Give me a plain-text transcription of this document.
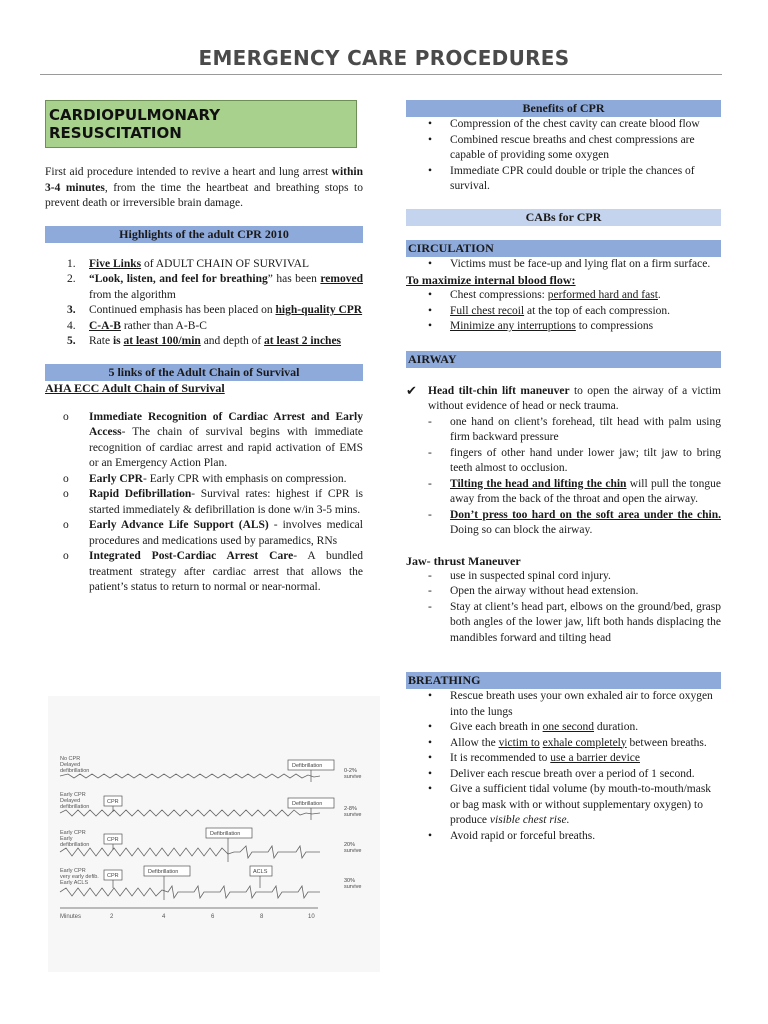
EMERGENCY CARE PROCEDURES
CARDIOPULMONARY RESUSCITATION

First aid procedure intended to revive a heart and lung arrest within 3-4 minutes, from the time the heartbeat and breathing stops to prevent death or irreversible brain damage.

Highlights of the adult CPR 2010
1. Five Links of ADULT CHAIN OF SURVIVAL
2. “Look, listen, and feel for breathing” has been removed from the algorithm
3. Continued emphasis has been placed on high-quality CPR
4. C-A-B rather than A-B-C
5. Rate is at least 100/min and depth of at least 2 inches
5 links of the Adult Chain of Survival
AHA ECC Adult Chain of Survival
o Immediate Recognition of Cardiac Arrest and Early Access- The chain of survival begins with immediate recognition of cardiac arrest and rapid activation of EMS or an Emergency Action Plan.
o Early CPR- Early CPR with emphasis on compression.
o Rapid Defibrillation- Survival rates: highest if CPR is started immediately & defibrillation is done w/in 3-5 mins.
o Early Advance Life Support (ALS) - involves medical procedures and medications used by paramedics, RNs
o Integrated Post-Cardiac Arrest Care- A bundled treatment strategy after cardiac arrest that allows the patient’s status to return to normal or near-normal.
No CPR
Delayed
defibrillation
Early CPR
Delayed
defibrillation
Early CPR
Early
defibrillation
Early CPR
very early defib.
Early ACLS
Defibrillation
CPR	Defibrillation
CPR
Defibrillation
CPR
Defibrillation	ACLS
0-2%
survive
2-8%
survive
20%
survive
30%
survive
Minutes	2	4	6	8	10
Benefits of CPR
• Compression of the chest cavity can create blood flow
• Combined rescue breaths and chest compressions are capable of providing some oxygen
• Immediate CPR could double or triple the chances of survival.
CABs for CPR
CIRCULATION
• Victims must be face-up and lying flat on a firm surface.
To maximize internal blood flow:
• Chest compressions: performed hard and fast.
• Full chest recoil at the top of each compression.
• Minimize any interruptions to compressions
AIRWAY
✔ Head tilt-chin lift maneuver to open the airway of a victim without evidence of head or neck trauma.
- one hand on client’s forehead, tilt head with palm using firm backward pressure
- fingers of other hand under lower jaw; tilt jaw to bring teeth almost to occlusion.
- Tilting the head and lifting the chin will pull the tongue away from the back of the throat and open the airway.
- Don’t press too hard on the soft area under the chin. Doing so can block the airway.
Jaw- thrust Maneuver
- use in suspected spinal cord injury.
- Open the airway without head extension.
- Stay at client’s head part, elbows on the ground/bed, grasp both angles of the lower jaw, lift both hands displacing the mandibles forward and tilting head
BREATHING
• Rescue breath uses your own exhaled air to force oxygen into the lungs
• Give each breath in one second duration.
• Allow the victim to exhale completely between breaths.
• It is recommended to use a barrier device
• Deliver each rescue breath over a period of 1 second.
• Give a sufficient tidal volume (by mouth-to-mouth/mask or bag mask with or without supplementary oxygen) to produce visible chest rise.
• Avoid rapid or forceful breaths.
